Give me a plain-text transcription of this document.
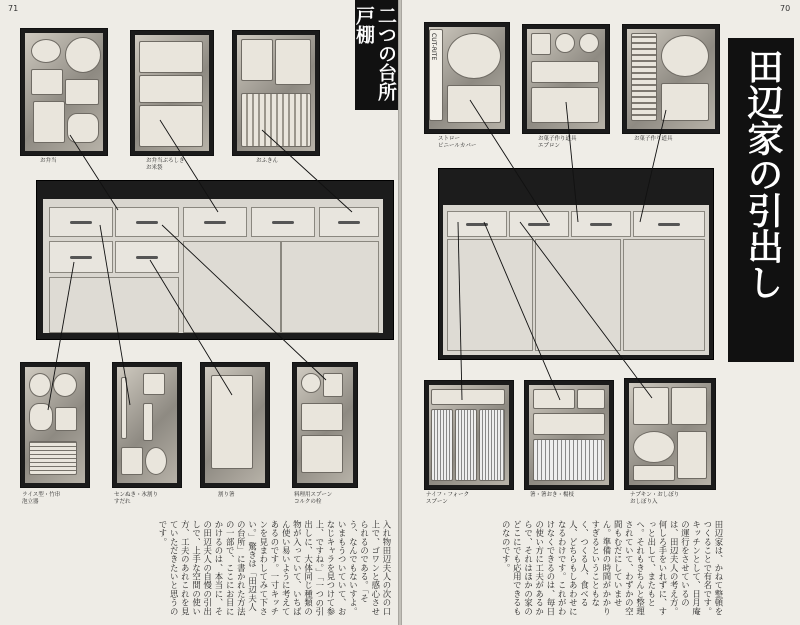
71	二つの台所戸棚
お弁当	お弁当ぶろしき
お米袋
おふきん
ライス型・竹串
泡立器
センぬき・氷割り
すだれ
割り箸	料理用スプーン
コルクの栓
入れ物田辺夫人の次の口上で、ゴワンと感心させられるのである。「そう、なんでもないすよ。いまもうついていて、おなじキャラを見つけて参上、ですね。」「一つの引出しに、大体同じ種類の物が入っていて、いちばん使い易いように考えてあるのです。一寸キッチンを見まわしてみて下さい。」驚きは「田辺夫人の台所」に書かれた方法の一部で、ここにお目にかけるのは、本当に、その田辺夫人の自慢の引出しで、上手な空間の使い方、工夫のあれこれを見ていただきたいと思うのです。
70
田辺家の引出し
CUT-RITE
ストロー
ビニールカバー
お菓子作り道具
エプロン
お菓子作り道具
ナイフ・フォーク
スプーン
箸・箸おき・楊枝	ナプキン・おしぼり
おしぼり入
田辺家は、かねて整頓をつくることで有名です。キッチンとして、日月庵の運行をさせているのは、田辺夫人の考え方。何しろ手をいれずに、すっと出して、またもとへ。それもきちんと整理されていて、わずかの空間もむだにしていません。準備の時間がかかりすぎるということもなく、つくる人、食べる人、どちらもしあわせになるわけです。これがわけなくできるのは、毎日の使い方に工夫があるからで、それはほかの家のどこにでも応用できるものなのです。
